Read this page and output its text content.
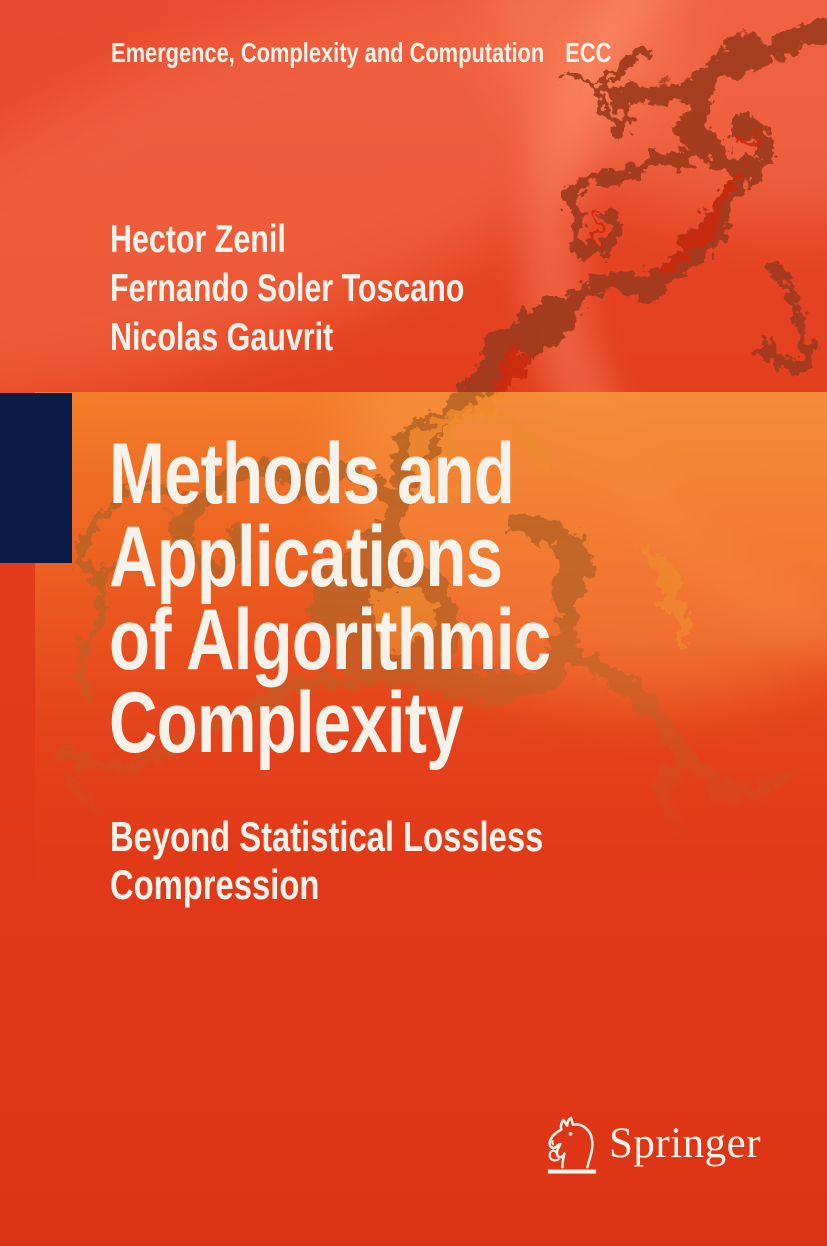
Emergence, Complexity and Computation ECC
Hector Zenil
Fernando Soler Toscano
Nicolas Gauvrit
Methods and
Applications
of Algorithmic
Complexity
Beyond Statistical Lossless
Compression
Springer
